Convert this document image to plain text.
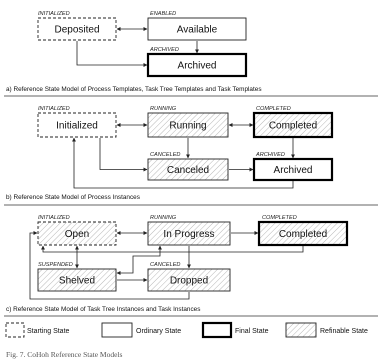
INITIALIZED	ENABLED
Deposited	Available
ARCHIVED
Archived
a) Reference State Model of Process Templates, Task Tree Templates and Task Templates
INITIALIZED	RUNNING	COMPLETED
Initialized	Running	Completed
CANCELED	ARCHIVED
Canceled	Archived
b) Reference State Model of Process Instances
INITIALIZED	RUNNING	COMPLETED
Open	In Progress	Completed
SUSPENDED	CANCELED
Shelved	Dropped
c) Reference State Model of Task Tree Instances and Task Instances
Starting State	Ordinary State	Final State	Refinable State
Fig. 7. CoHoh Reference State Models
